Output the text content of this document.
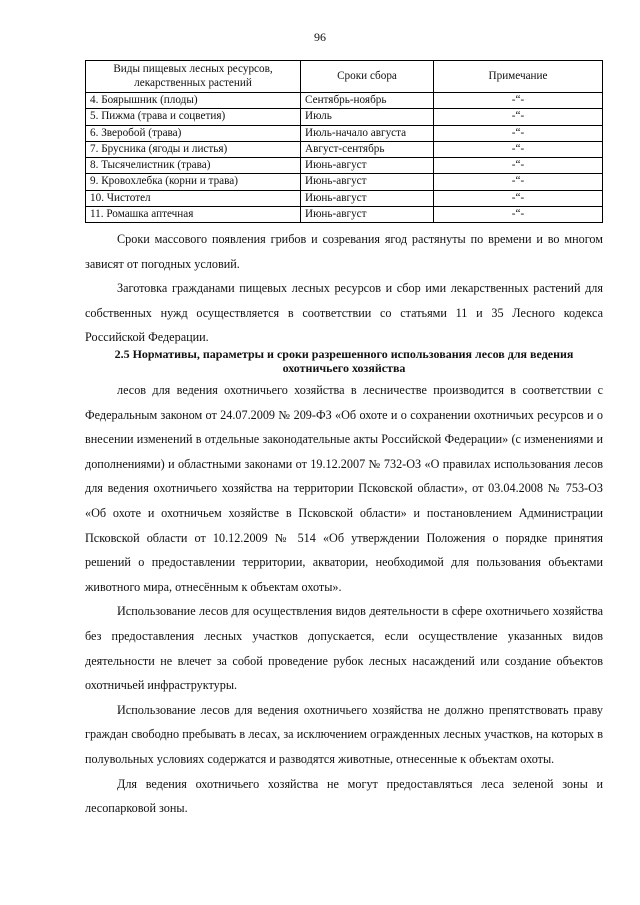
96
Виды пищевых лесных ресурсов, лекарственных растений	Сроки сбора	Примечание
4. Боярышник (плоды)	Сентябрь-ноябрь	-“-
5. Пижма (трава и соцветия)	Июль	-“-
6. Зверобой (трава)	Июль-начало августа	-“-
7. Брусника (ягоды и листья)	Август-сентябрь	-“-
8. Тысячелистник (трава)	Июнь-август	-“-
9. Кровохлебка (корни и трава)	Июнь-август	-“-
10. Чистотел	Июнь-август	-“-
11. Ромашка аптечная	Июнь-август	-“-

Сроки массового появления грибов и созревания ягод растянуты по времени и во многом зависят от погодных условий.

Заготовка гражданами пищевых лесных ресурсов и сбор ими лекарственных растений для собственных нужд осуществляется в соответствии со статьями 11 и 35 Лесного кодекса Российской Федерации.

2.5 Нормативы, параметры и сроки разрешенного использования лесов для ведения охотничьего хозяйства

лесов для ведения охотничьего хозяйства в лесничестве производится в соответствии с Федеральным законом от 24.07.2009 № 209-ФЗ «Об охоте и о сохранении охотничьих ресурсов и о внесении изменений в отдельные законодательные акты Российской Федерации» (с изменениями и дополнениями) и областными законами от 19.12.2007 № 732-ОЗ «О правилах использования лесов для ведения охотничьего хозяйства на территории Псковской области», от 03.04.2008 № 753-ОЗ «Об охоте и охотничьем хозяйстве в Псковской области» и постановлением Администрации Псковской области от 10.12.2009 № 514 «Об утверждении Положения о порядке принятия решений о предоставлении территории, акватории, необходимой для пользования объектами животного мира, отнесённым к объектам охоты».

Использование лесов для осуществления видов деятельности в сфере охотничьего хозяйства без предоставления лесных участков допускается, если осуществление указанных видов деятельности не влечет за собой проведение рубок лесных насаждений или создание объектов охотничьей инфраструктуры.

Использование лесов для ведения охотничьего хозяйства не должно препятствовать праву граждан свободно пребывать в лесах, за исключением огражденных лесных участков, на которых в полувольных условиях содержатся и разводятся животные, отнесенные к объектам охоты.

Для ведения охотничьего хозяйства не могут предоставляться леса зеленой зоны и лесопарковой зоны.
